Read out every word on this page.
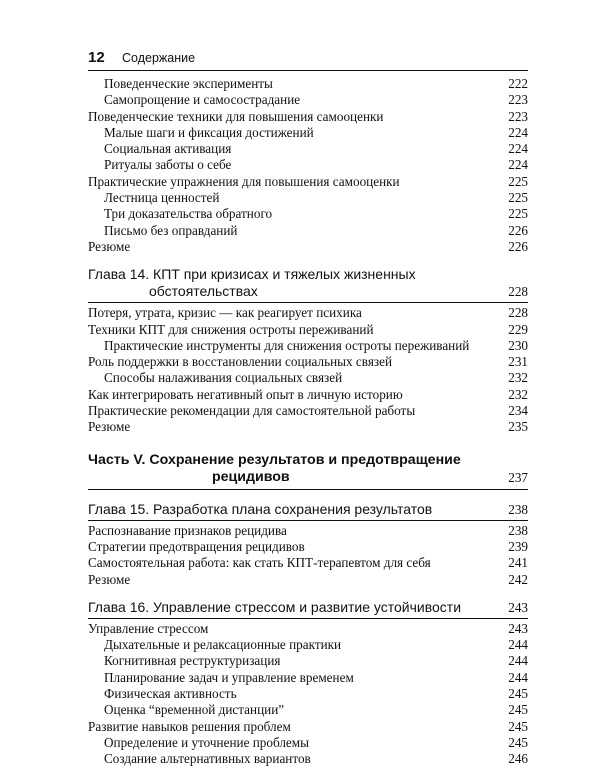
12 Содержание
Поведенческие эксперименты	222
Самопрощение и самосострадание	223
Поведенческие техники для повышения самооценки	223
Малые шаги и фиксация достижений	224
Социальная активация	224
Ритуалы заботы о себе	224
Практические упражнения для повышения самооценки	225
Лестница ценностей	225
Три доказательства обратного	225
Письмо без оправданий	226
Резюме	226
Глава 14. КПТ при кризисах и тяжелых жизненных
обстоятельствах	228
Потеря, утрата, кризис — как реагирует психика	228
Техники КПТ для снижения остроты переживаний	229
Практические инструменты для снижения остроты переживаний	230
Роль поддержки в восстановлении социальных связей	231
Способы налаживания социальных связей	232
Как интегрировать негативный опыт в личную историю	232
Практические рекомендации для самостоятельной работы	234
Резюме	235
Часть V. Сохранение результатов и предотвращение
рецидивов	237
Глава 15. Разработка плана сохранения результатов	238
Распознавание признаков рецидива	238
Стратегии предотвращения рецидивов	239
Самостоятельная работа: как стать КПТ-терапевтом для себя	241
Резюме	242
Глава 16. Управление стрессом и развитие устойчивости	243
Управление стрессом	243
Дыхательные и релаксационные практики	244
Когнитивная реструктуризация	244
Планирование задач и управление временем	244
Физическая активность	245
Оценка “временной дистанции”	245
Развитие навыков решения проблем	245
Определение и уточнение проблемы	245
Создание альтернативных вариантов	246
